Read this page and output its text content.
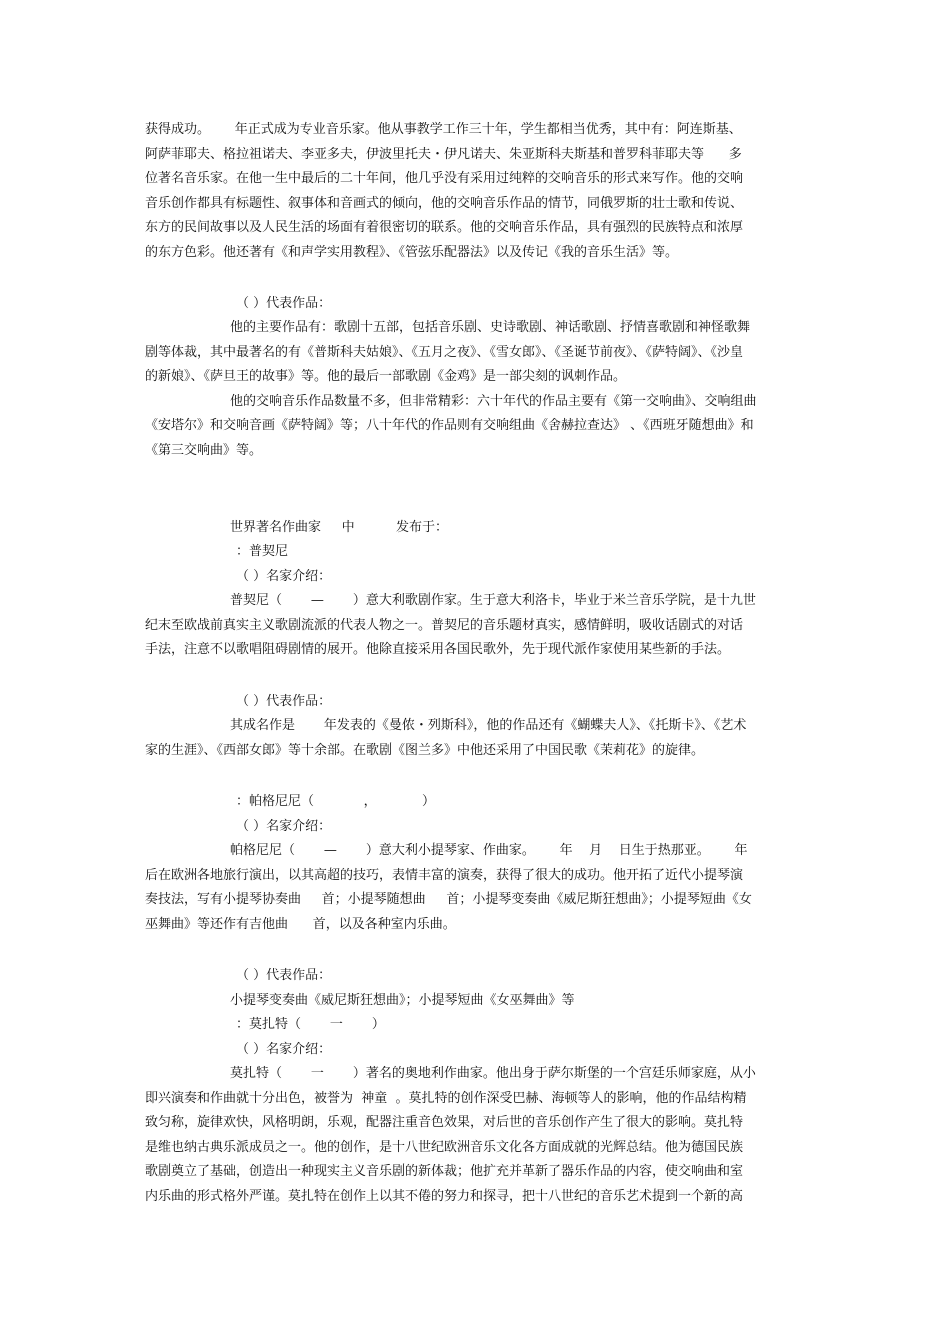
获得成功。      年正式成为专业音乐家。他从事教学工作三十年，学生都相当优秀，其中有：阿连斯基、
阿萨菲耶夫、格拉祖诺夫、李亚多夫，伊波里托夫・伊凡诺夫、朱亚斯科夫斯基和普罗科菲耶夫等      多
位著名音乐家。在他一生中最后的二十年间，他几乎没有采用过纯粹的交响音乐的形式来写作。他的交响
音乐创作都具有标题性、叙事体和音画式的倾向，他的交响音乐作品的情节，同俄罗斯的壮士歌和传说、
东方的民间故事以及人民生活的场面有着很密切的联系。他的交响音乐作品，具有强烈的民族特点和浓厚
的东方色彩。他还著有《和声学实用教程》、《管弦乐配器法》以及传记《我的音乐生活》等。
（ ）代表作品：
他的主要作品有：歌剧十五部，包括音乐剧、史诗歌剧、神话歌剧、抒情喜歌剧和神怪歌舞
剧等体裁，其中最著名的有《普斯科夫姑娘》、《五月之夜》、《雪女郎》、《圣诞节前夜》、《萨特阔》、《沙皇
的新娘》、《萨旦王的故事》等。他的最后一部歌剧《金鸡》是一部尖刻的讽刺作品。
他的交响音乐作品数量不多，但非常精彩：六十年代的作品主要有《第一交响曲》、交响组曲
《安塔尔》和交响音画《萨特阔》等；八十年代的作品则有交响组曲《舍赫拉查达》 、《西班牙随想曲》和
《第三交响曲》等。
世界著名作曲家     中          发布于：
：普契尼
（ ）名家介绍：
普契尼（       —       ）意大利歌剧作家。生于意大利洛卡，毕业于米兰音乐学院，是十九世
纪末至欧战前真实主义歌剧流派的代表人物之一。普契尼的音乐题材真实，感情鲜明，吸收话剧式的对话
手法，注意不以歌唱阻碍剧情的展开。他除直接采用各国民歌外，先于现代派作家使用某些新的手法。
（ ）代表作品：
其成名作是       年发表的《曼侬・列斯科》，他的作品还有《蝴蝶夫人》、《托斯卡》、《艺术
家的生涯》、《西部女郎》等十余部。在歌剧《图兰多》中他还采用了中国民歌《茉莉花》的旋律。
：帕格尼尼（            ，           ）
（ ）名家介绍：
帕格尼尼（       —       ）意大利小提琴家、作曲家。      年    月    日生于热那亚。      年
后在欧洲各地旅行演出，以其高超的技巧，表情丰富的演奏，获得了很大的成功。他开拓了近代小提琴演
奏技法，写有小提琴协奏曲     首；小提琴随想曲     首；小提琴变奏曲《威尼斯狂想曲》；小提琴短曲《女
巫舞曲》等还作有吉他曲      首，以及各种室内乐曲。
（ ）代表作品：
小提琴变奏曲《威尼斯狂想曲》；小提琴短曲《女巫舞曲》等
：莫扎特（       一       ）
（ ）名家介绍：
莫扎特（       一       ）著名的奥地利作曲家。他出身于萨尔斯堡的一个宫廷乐师家庭，从小
即兴演奏和作曲就十分出色，被誉为  神童  。莫扎特的创作深受巴赫、海顿等人的影响，他的作品结构精
致匀称，旋律欢快，风格明朗，乐观，配器注重音色效果，对后世的音乐创作产生了很大的影响。莫扎特
是维也纳古典乐派成员之一。他的创作，是十八世纪欧洲音乐文化各方面成就的光辉总结。他为德国民族
歌剧奠立了基础，创造出一种现实主义音乐剧的新体裁；他扩充并革新了器乐作品的内容，使交响曲和室
内乐曲的形式格外严谨。莫扎特在创作上以其不倦的努力和探寻，把十八世纪的音乐艺术提到一个新的高
